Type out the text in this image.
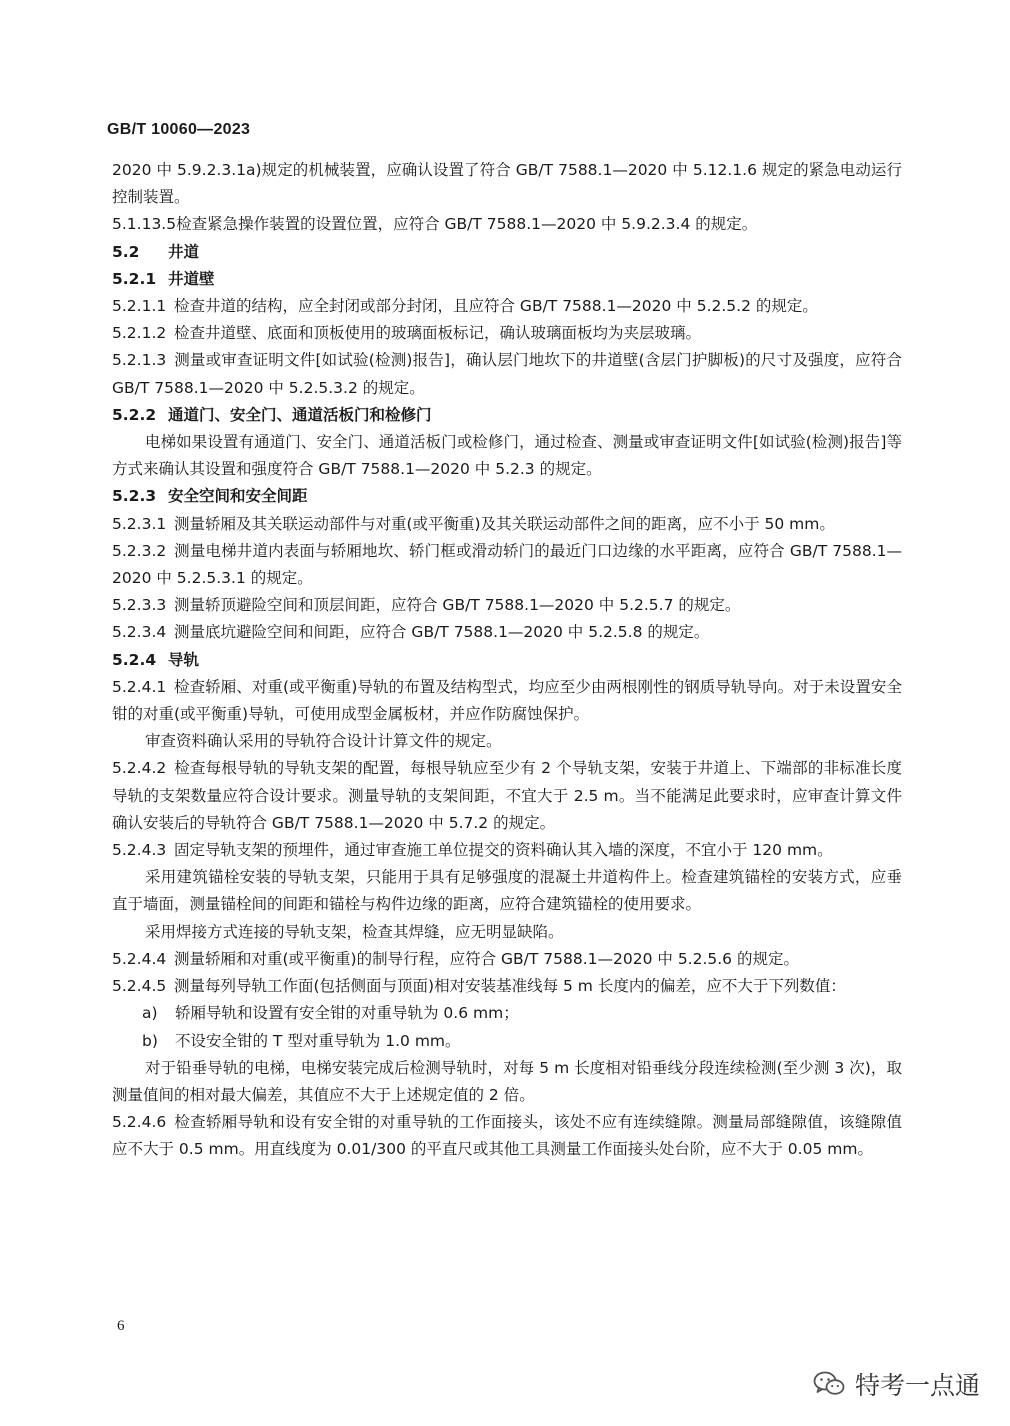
GB/T 10060—2023

2020 中 5.9.2.3.1a)规定的机械装置，应确认设置了符合 GB/T 7588.1—2020 中 5.12.1.6 规定的紧急电动运行控制装置。

5.1.13.5检查紧急操作装置的设置位置，应符合 GB/T 7588.1—2020 中 5.9.2.3.4 的规定。

5.2 井道

5.2.1 井道壁

5.2.1.1 检查井道的结构，应全封闭或部分封闭，且应符合 GB/T 7588.1—2020 中 5.2.5.2 的规定。

5.2.1.2 检查井道壁、底面和顶板使用的玻璃面板标记，确认玻璃面板均为夹层玻璃。

5.2.1.3 测量或审查证明文件[如试验(检测)报告]，确认层门地坎下的井道壁(含层门护脚板)的尺寸及强度，应符合 GB/T 7588.1—2020 中 5.2.5.3.2 的规定。

5.2.2 通道门、安全门、通道活板门和检修门

电梯如果设置有通道门、安全门、通道活板门或检修门，通过检查、测量或审查证明文件[如试验(检测)报告]等方式来确认其设置和强度符合 GB/T 7588.1—2020 中 5.2.3 的规定。

5.2.3 安全空间和安全间距

5.2.3.1 测量轿厢及其关联运动部件与对重(或平衡重)及其关联运动部件之间的距离，应不小于 50 mm。

5.2.3.2 测量电梯井道内表面与轿厢地坎、轿门框或滑动轿门的最近门口边缘的水平距离，应符合 GB/T 7588.1—2020 中 5.2.5.3.1 的规定。

5.2.3.3 测量轿顶避险空间和顶层间距，应符合 GB/T 7588.1—2020 中 5.2.5.7 的规定。

5.2.3.4 测量底坑避险空间和间距，应符合 GB/T 7588.1—2020 中 5.2.5.8 的规定。

5.2.4 导轨

5.2.4.1 检查轿厢、对重(或平衡重)导轨的布置及结构型式，均应至少由两根刚性的钢质导轨导向。对于未设置安全钳的对重(或平衡重)导轨，可使用成型金属板材，并应作防腐蚀保护。

审查资料确认采用的导轨符合设计计算文件的规定。

5.2.4.2 检查每根导轨的导轨支架的配置，每根导轨应至少有 2 个导轨支架，安装于井道上、下端部的非标准长度导轨的支架数量应符合设计要求。测量导轨的支架间距，不宜大于 2.5 m。当不能满足此要求时，应审查计算文件确认安装后的导轨符合 GB/T 7588.1—2020 中 5.7.2 的规定。

5.2.4.3 固定导轨支架的预埋件，通过审查施工单位提交的资料确认其入墙的深度，不宜小于 120 mm。

采用建筑锚栓安装的导轨支架，只能用于具有足够强度的混凝土井道构件上。检查建筑锚栓的安装方式，应垂直于墙面，测量锚栓间的间距和锚栓与构件边缘的距离，应符合建筑锚栓的使用要求。

采用焊接方式连接的导轨支架，检查其焊缝，应无明显缺陷。

5.2.4.4 测量轿厢和对重(或平衡重)的制导行程，应符合 GB/T 7588.1—2020 中 5.2.5.6 的规定。

5.2.4.5 测量每列导轨工作面(包括侧面与顶面)相对安装基准线每 5 m 长度内的偏差，应不大于下列数值：

a) 轿厢导轨和设置有安全钳的对重导轨为 0.6 mm；

b) 不设安全钳的 T 型对重导轨为 1.0 mm。

对于铅垂导轨的电梯，电梯安装完成后检测导轨时，对每 5 m 长度相对铅垂线分段连续检测(至少测 3 次)，取测量值间的相对最大偏差，其值应不大于上述规定值的 2 倍。

5.2.4.6 检查轿厢导轨和设有安全钳的对重导轨的工作面接头，该处不应有连续缝隙。测量局部缝隙值，该缝隙值应不大于 0.5 mm。用直线度为 0.01/300 的平直尺或其他工具测量工作面接头处台阶，应不大于 0.05 mm。

6
特考一点通
